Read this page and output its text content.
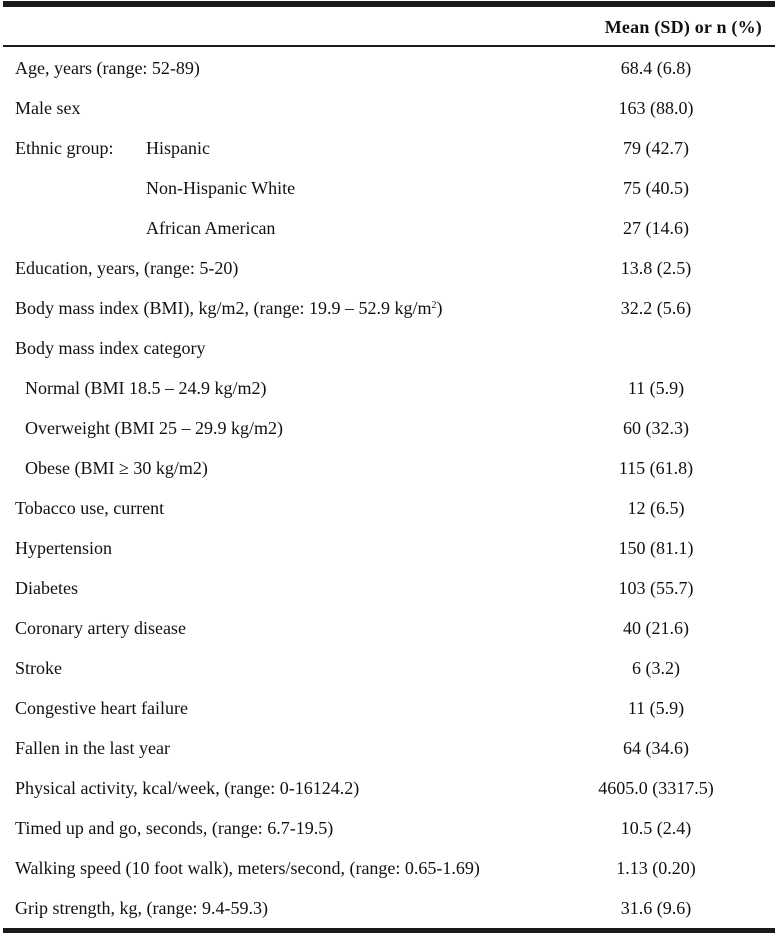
Mean (SD) or n (%)
Age, years (range: 52-89)	68.4 (6.8)
Male sex	163 (88.0)
Ethnic group: Hispanic	79 (42.7)
Non-Hispanic White	75 (40.5)
African American	27 (14.6)
Education, years, (range: 5-20)	13.8 (2.5)
Body mass index (BMI), kg/m2, (range: 19.9 – 52.9 $kg/m^2$)	32.2 (5.6)
Body mass index category
Normal (BMI 18.5 – 24.9 kg/m2)	11 (5.9)
Overweight (BMI 25 – 29.9 kg/m2)	60 (32.3)
Obese (BMI ≥ 30 kg/m2)	115 (61.8)
Tobacco use, current	12 (6.5)
Hypertension	150 (81.1)
Diabetes	103 (55.7)
Coronary artery disease	40 (21.6)
Stroke	6 (3.2)
Congestive heart failure	11 (5.9)
Fallen in the last year	64 (34.6)
Physical activity, kcal/week, (range: 0-16124.2)	4605.0 (3317.5)
Timed up and go, seconds, (range: 6.7-19.5)	10.5 (2.4)
Walking speed (10 foot walk), meters/second, (range: 0.65-1.69)	1.13 (0.20)
Grip strength, kg, (range: 9.4-59.3)	31.6 (9.6)
